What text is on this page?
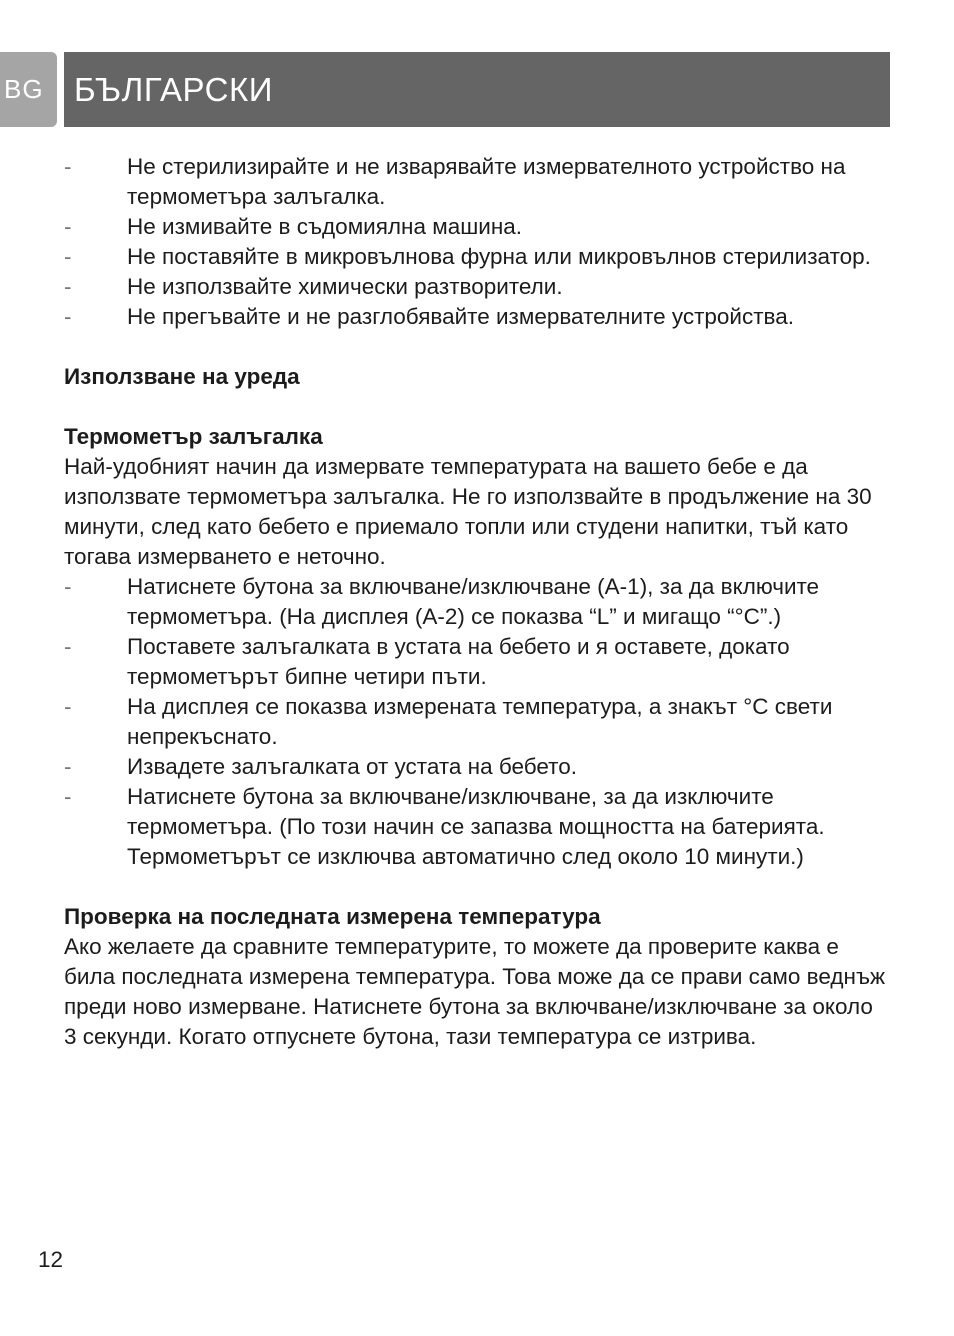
BG БЪЛГАРСКИ
- Не стерилизирайте и не изварявайте измервателното устройство на термометъра залъгалка.
- Не измивайте в съдомиялна машина.
- Не поставяйте в микровълнова фурна или микровълнов стерилизатор.
- Не използвайте химически разтворители.
- Не прегъвайте и не разглобявайте измервателните устройства.

Използване на уреда

Термометър залъгалка

Най-удобният начин да измервате температурата на вашето бебе е да използвате термометъра залъгалка. Не го използвайте в продължение на 30 минути, след като бебето е приемало топли или студени напитки, тъй като тогава измерването е неточно.

- Натиснете бутона за включване/изключване (A-1), за да включите термометъра. (На дисплея (A-2) се показва “L” и мигащо “°C”.)
- Поставете залъгалката в устата на бебето и я оставете, докато термометърът бипне четири пъти.
- На дисплея се показва измерената температура, а знакът °C свети непрекъснато.
- Извадете залъгалката от устата на бебето.
- Натиснете бутона за включване/изключване, за да изключите термометъра. (По този начин се запазва мощността на батерията. Термометърът се изключва автоматично след около 10 минути.)

Проверка на последната измерена температура

Ако желаете да сравните температурите, то можете да проверите каква е била последната измерена температура. Това може да се прави само веднъж преди ново измерване. Натиснете бутона за включване/изключване за около 3 секунди. Когато отпуснете бутона, тази температура се изтрива.

12
